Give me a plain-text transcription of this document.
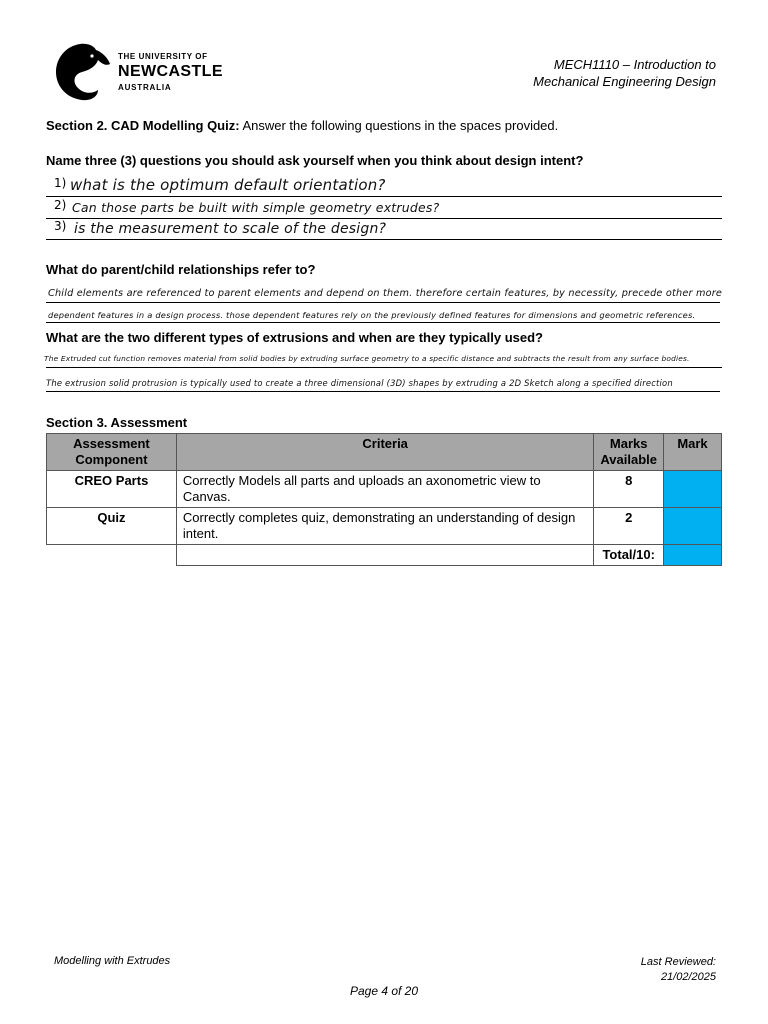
THE UNIVERSITY OF
NEWCASTLE
AUSTRALIA
MECH1110 – Introduction to
Mechanical Engineering Design
Section 2. CAD Modelling Quiz: Answer the following questions in the spaces provided.
Name three (3) questions you should ask yourself when you think about design intent?
1) what is the optimum default orientation?
2) Can those parts be built with simple geometry extrudes?
3) is the measurement to scale of the design?
What do parent/child relationships refer to?
Child elements are referenced to parent elements and depend on them. therefore certain features, by necessity, precede other more
dependent features in a design process. those dependent features rely on the previously defined features for dimensions and geometric references.
What are the two different types of extrusions and when are they typically used?
The Extruded cut function removes material from solid bodies by extruding surface geometry to a specific distance and subtracts the result from any surface bodies.
The extrusion solid protrusion is typically used to create a three dimensional (3D) shapes by extruding a 2D Sketch along a specified direction
Section 3. Assessment
Assessment Component	Criteria	Marks Available	Mark
CREO Parts	Correctly Models all parts and uploads an axonometric view to Canvas.	8	
Quiz	Correctly completes quiz, demonstrating an understanding of design intent.	2	
		Total/10:	
Modelling with Extrudes	Last Reviewed:
21/02/2025
Page 4 of 20
